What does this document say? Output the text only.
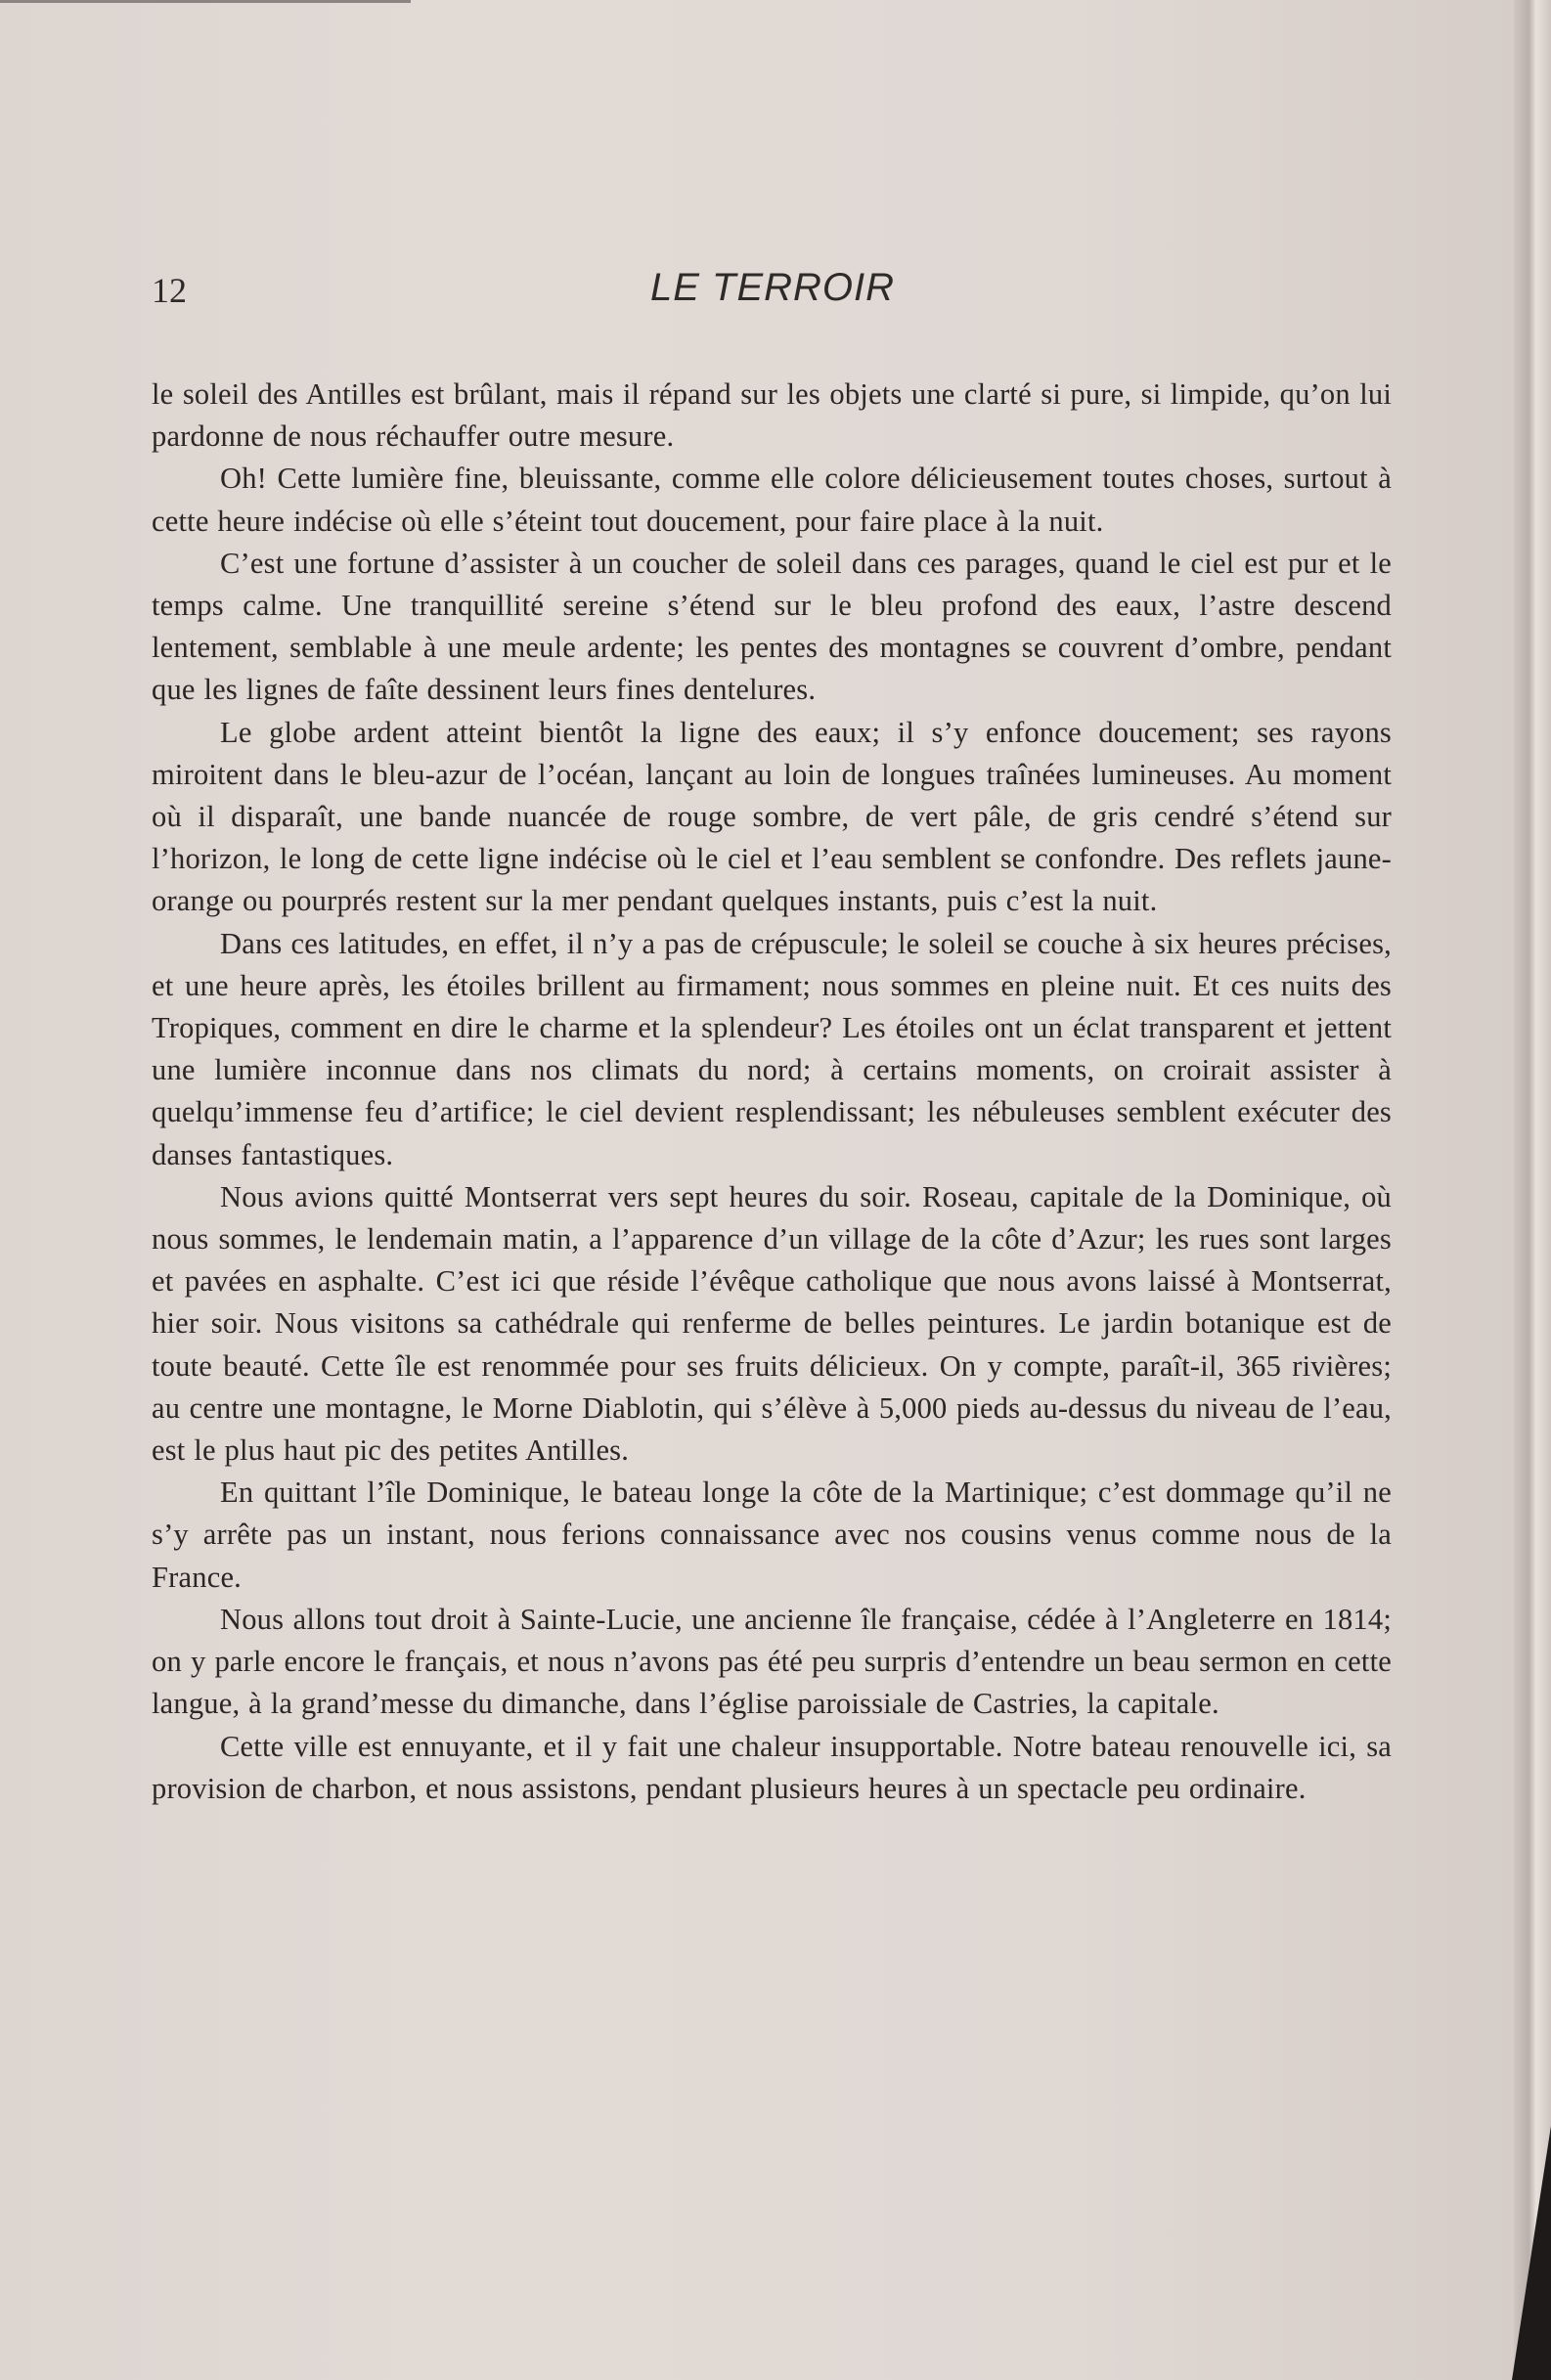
12	LE TERROIR

le soleil des Antilles est brûlant, mais il répand sur les objets une clarté si pure, si limpide, qu’on lui pardonne de nous réchauffer outre mesure.

Oh! Cette lumière fine, bleuissante, comme elle colore délicieusement toutes choses, surtout à cette heure indécise où elle s’éteint tout doucement, pour faire place à la nuit.

C’est une fortune d’assister à un coucher de soleil dans ces parages, quand le ciel est pur et le temps calme. Une tranquillité sereine s’étend sur le bleu profond des eaux, l’astre descend lentement, semblable à une meule ardente; les pentes des montagnes se couvrent d’ombre, pendant que les lignes de faîte dessinent leurs fines dentelures.

Le globe ardent atteint bientôt la ligne des eaux; il s’y enfonce doucement; ses rayons miroitent dans le bleu-azur de l’océan, lançant au loin de longues traînées lumineuses. Au moment où il disparaît, une bande nuancée de rouge sombre, de vert pâle, de gris cendré s’étend sur l’horizon, le long de cette ligne indécise où le ciel et l’eau semblent se confondre. Des reflets jaune-orange ou pourprés restent sur la mer pendant quelques instants, puis c’est la nuit.

Dans ces latitudes, en effet, il n’y a pas de crépuscule; le soleil se couche à six heures précises, et une heure après, les étoiles brillent au firmament; nous sommes en pleine nuit. Et ces nuits des Tropiques, comment en dire le charme et la splendeur? Les étoiles ont un éclat transparent et jettent une lumière inconnue dans nos climats du nord; à certains moments, on croirait assister à quelqu’immense feu d’artifice; le ciel devient resplendissant; les nébuleuses semblent exécuter des danses fantastiques.

Nous avions quitté Montserrat vers sept heures du soir. Roseau, capitale de la Dominique, où nous sommes, le lendemain matin, a l’apparence d’un village de la côte d’Azur; les rues sont larges et pavées en asphalte. C’est ici que réside l’évêque catholique que nous avons laissé à Montserrat, hier soir. Nous visitons sa cathédrale qui renferme de belles peintures. Le jardin botanique est de toute beauté. Cette île est renommée pour ses fruits délicieux. On y compte, paraît-il, 365 rivières; au centre une montagne, le Morne Diablotin, qui s’élève à 5,000 pieds au-dessus du niveau de l’eau, est le plus haut pic des petites Antilles.

En quittant l’île Dominique, le bateau longe la côte de la Martinique; c’est dommage qu’il ne s’y arrête pas un instant, nous ferions connaissance avec nos cousins venus comme nous de la France.

Nous allons tout droit à Sainte-Lucie, une ancienne île française, cédée à l’Angleterre en 1814; on y parle encore le français, et nous n’avons pas été peu surpris d’entendre un beau sermon en cette langue, à la grand’messe du dimanche, dans l’église paroissiale de Castries, la capitale.

Cette ville est ennuyante, et il y fait une chaleur insupportable. Notre bateau renouvelle ici, sa provision de charbon, et nous assistons, pendant plusieurs heures à un spectacle peu ordinaire.
